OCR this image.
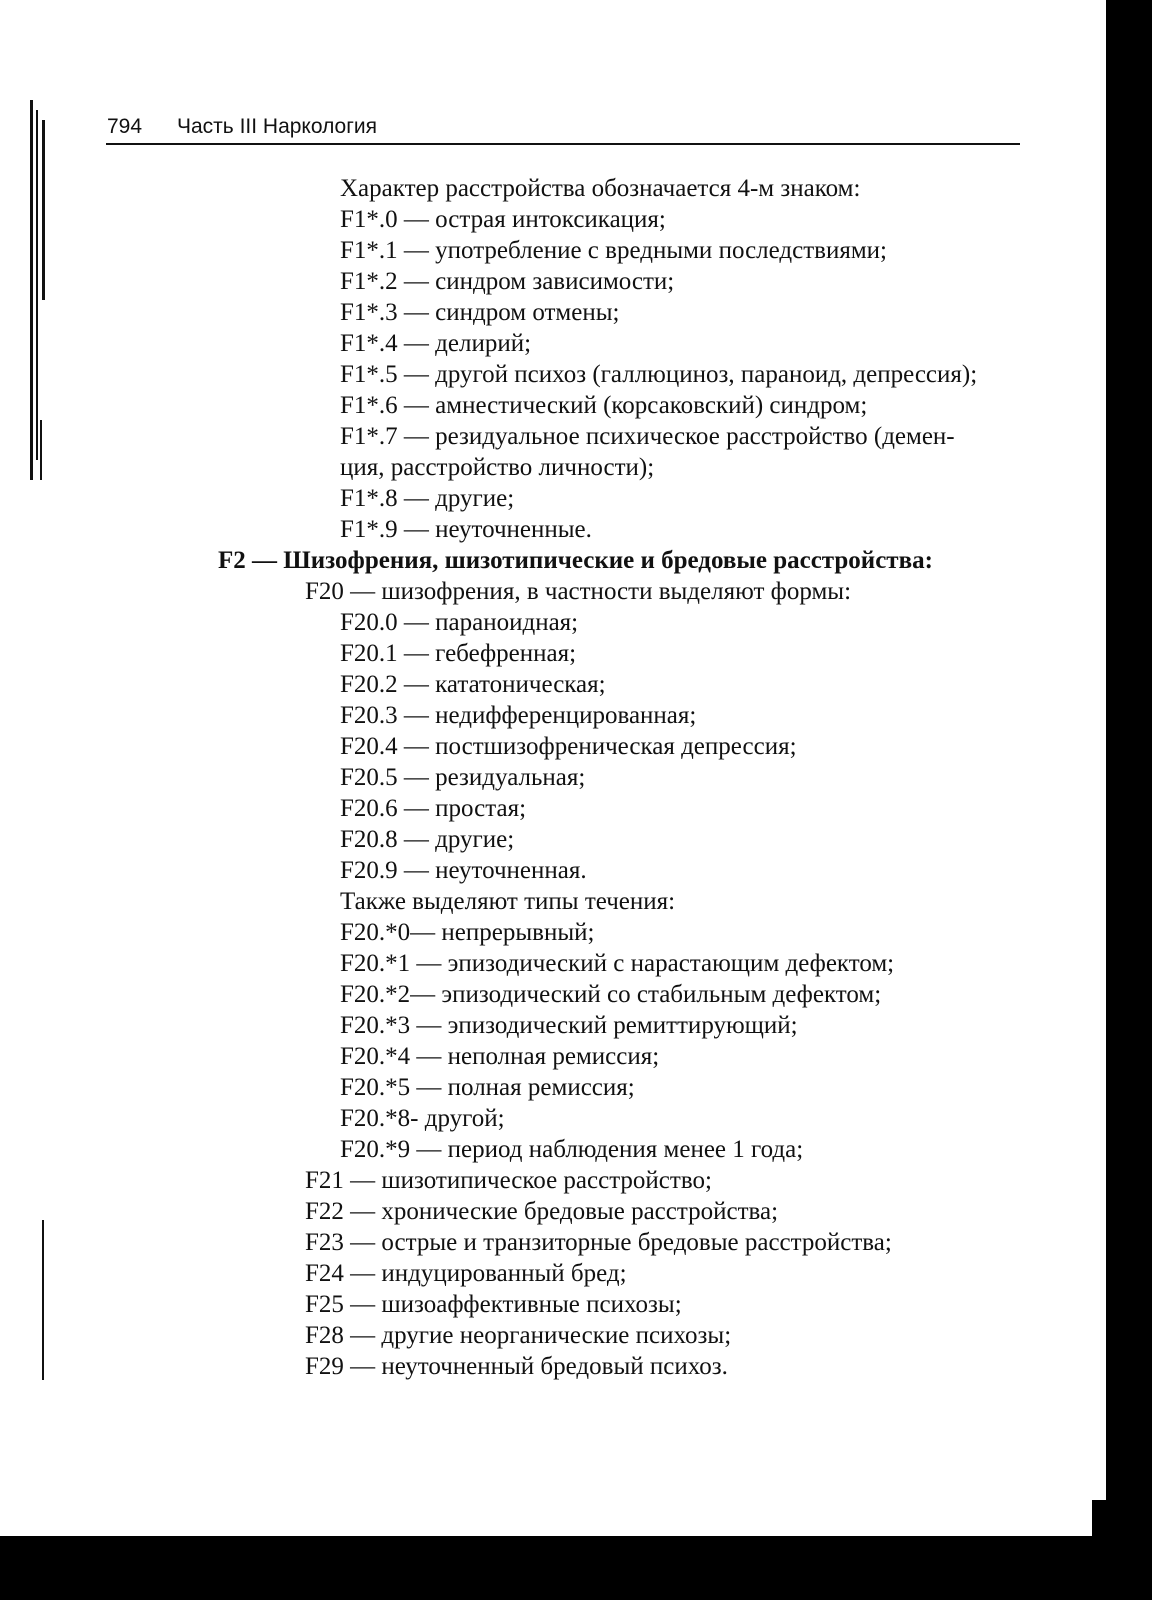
794 Часть III Наркология
Характер расстройства обозначается 4-м знаком:
F1*.0 — острая интоксикация;
F1*.1 — употребление с вредными последствиями;
F1*.2 — синдром зависимости;
F1*.3 — синдром отмены;
F1*.4 — делирий;
F1*.5 — другой психоз (галлюциноз, параноид, депрессия);
F1*.6 — амнестический (корсаковский) синдром;
F1*.7 — резидуальное психическое расстройство (демен-
ция, расстройство личности);
F1*.8 — другие;
F1*.9 — неуточненные.
F2 — Шизофрения, шизотипические и бредовые расстройства:
F20 — шизофрения, в частности выделяют формы:
F20.0 — параноидная;
F20.1 — гебефренная;
F20.2 — кататоническая;
F20.3 — недифференцированная;
F20.4 — постшизофреническая депрессия;
F20.5 — резидуальная;
F20.6 — простая;
F20.8 — другие;
F20.9 — неуточненная.
Также выделяют типы течения:
F20.*0— непрерывный;
F20.*1 — эпизодический с нарастающим дефектом;
F20.*2— эпизодический со стабильным дефектом;
F20.*3 — эпизодический ремиттирующий;
F20.*4 — неполная ремиссия;
F20.*5 — полная ремиссия;
F20.*8- другой;
F20.*9 — период наблюдения менее 1 года;
F21 — шизотипическое расстройство;
F22 — хронические бредовые расстройства;
F23 — острые и транзиторные бредовые расстройства;
F24 — индуцированный бред;
F25 — шизоаффективные психозы;
F28 — другие неорганические психозы;
F29 — неуточненный бредовый психоз.
